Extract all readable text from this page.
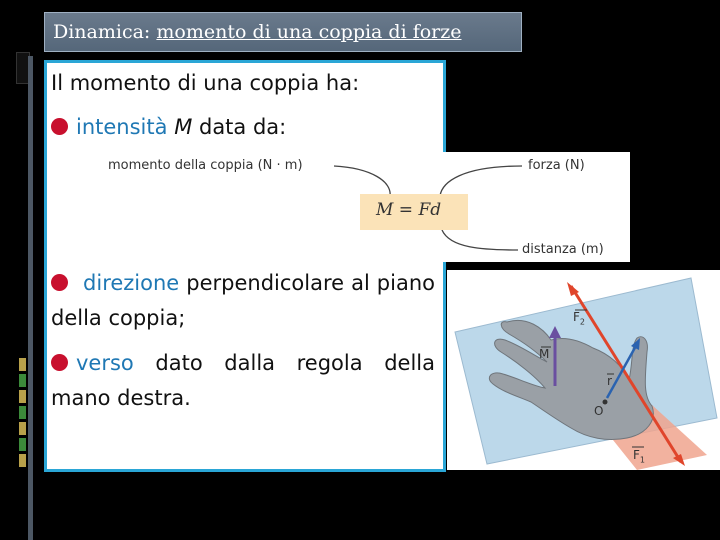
Dinamica: momento di una coppia di forze

Il momento di una coppia ha:

intensità M data da:

direzione perpendicolare al piano della coppia;

verso dato dalla regola della mano destra.

momento della coppia (N · m)	forza (N)
M = Fd
distanza (m)
$F_2$
M
r
O
$F_1$
